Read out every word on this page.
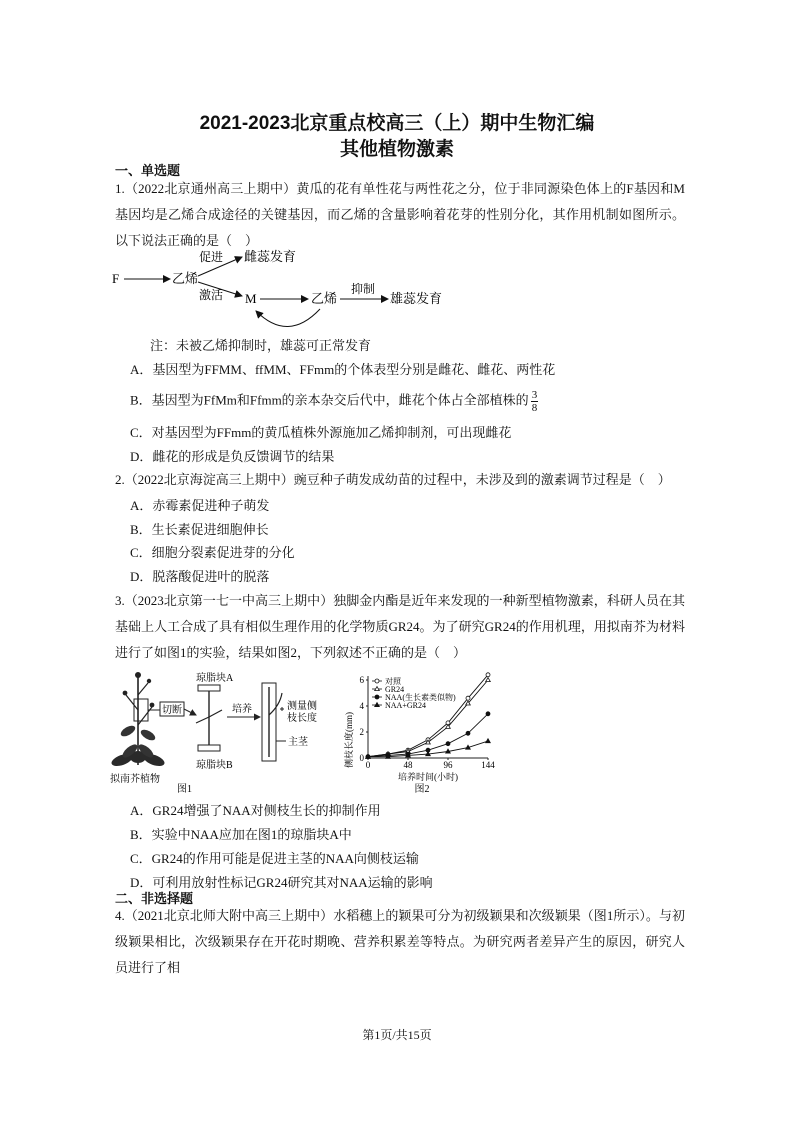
2021-2023北京重点校高三（上）期中生物汇编
其他植物激素
一、单选题
1.（2022北京通州高三上期中）黄瓜的花有单性花与两性花之分，位于非同源染色体上的F基因和M基因均是乙烯合成途径的关键基因，而乙烯的含量影响着花芽的性别分化，其作用机制如图所示。以下说法正确的是（　）
F	乙烯
促进 雌蕊发育
激活 M	乙烯
抑制
雄蕊发育
注：未被乙烯抑制时，雄蕊可正常发育
A．基因型为FFMM、ffMM、FFmm的个体表型分别是雌花、雌花、两性花
B．基因型为FfMm和Ffmm的亲本杂交后代中，雌花个体占全部植株的 $\frac{3}{8}$
C．对基因型为FFmm的黄瓜植株外源施加乙烯抑制剂，可出现雌花
D．雌花的形成是负反馈调节的结果
2.（2022北京海淀高三上期中）豌豆种子萌发成幼苗的过程中，未涉及到的激素调节过程是（　）
A．赤霉素促进种子萌发
B．生长素促进细胞伸长
C．细胞分裂素促进芽的分化
D．脱落酸促进叶的脱落
3.（2023北京第一七一中高三上期中）独脚金内酯是近年来发现的一种新型植物激素，科研人员在其基础上人工合成了具有相似生理作用的化学物质GR24。为了研究GR24的作用机理，用拟南芥为材料进行了如图1的实验，结果如图2，下列叙述不正确的是（　）
切断
拟南芥植物
图1
琼脂块A
琼脂块B
培养	测量侧
枝长度
主茎
0	48	96	144
0
2
4
6	对照
GR24
NAA(生长素类似物)
NAA+GR24
侧枝长度(mm)
培养时间(小时)
图2
A．GR24增强了NAA对侧枝生长的抑制作用
B．实验中NAA应加在图1的琼脂块A中
C．GR24的作用可能是促进主茎的NAA向侧枝运输
D．可利用放射性标记GR24研究其对NAA运输的影响
二、非选择题
4.（2021北京北师大附中高三上期中）水稻穗上的颖果可分为初级颖果和次级颖果（图1所示）。与初级颖果相比，次级颖果存在开花时期晚、营养积累差等特点。为研究两者差异产生的原因，研究人员进行了相
第1页/共15页
